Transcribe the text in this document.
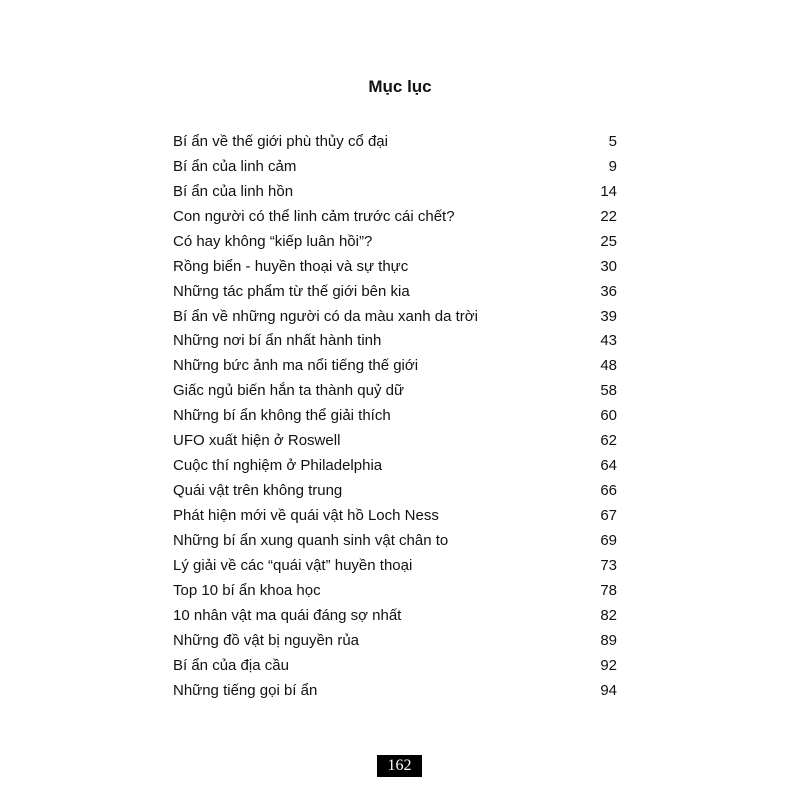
Mục lục
Bí ẩn về thế giới phù thủy cổ đại	5
Bí ẩn của linh cảm	9
Bí ẩn của linh hồn	14
Con người có thể linh cảm trước cái chết?	22
Có hay không “kiếp luân hồi”?	25
Rồng biển - huyền thoại và sự thực	30
Những tác phẩm từ thế giới bên kia	36
Bí ẩn về những người có da màu xanh da trời	39
Những nơi bí ẩn nhất hành tinh	43
Những bức ảnh ma nổi tiếng thế giới	48
Giấc ngủ biến hắn ta thành quỷ dữ	58
Những bí ẩn không thể giải thích	60
UFO xuất hiện ở Roswell	62
Cuộc thí nghiệm ở Philadelphia	64
Quái vật trên không trung	66
Phát hiện mới về quái vật hồ Loch Ness	67
Những bí ẩn xung quanh sinh vật chân to	69
Lý giải về các “quái vật” huyền thoại	73
Top 10 bí ẩn khoa học	78
10 nhân vật ma quái đáng sợ nhất	82
Những đồ vật bị nguyền rủa	89
Bí ẩn của địa cầu	92
Những tiếng gọi bí ẩn	94
162
